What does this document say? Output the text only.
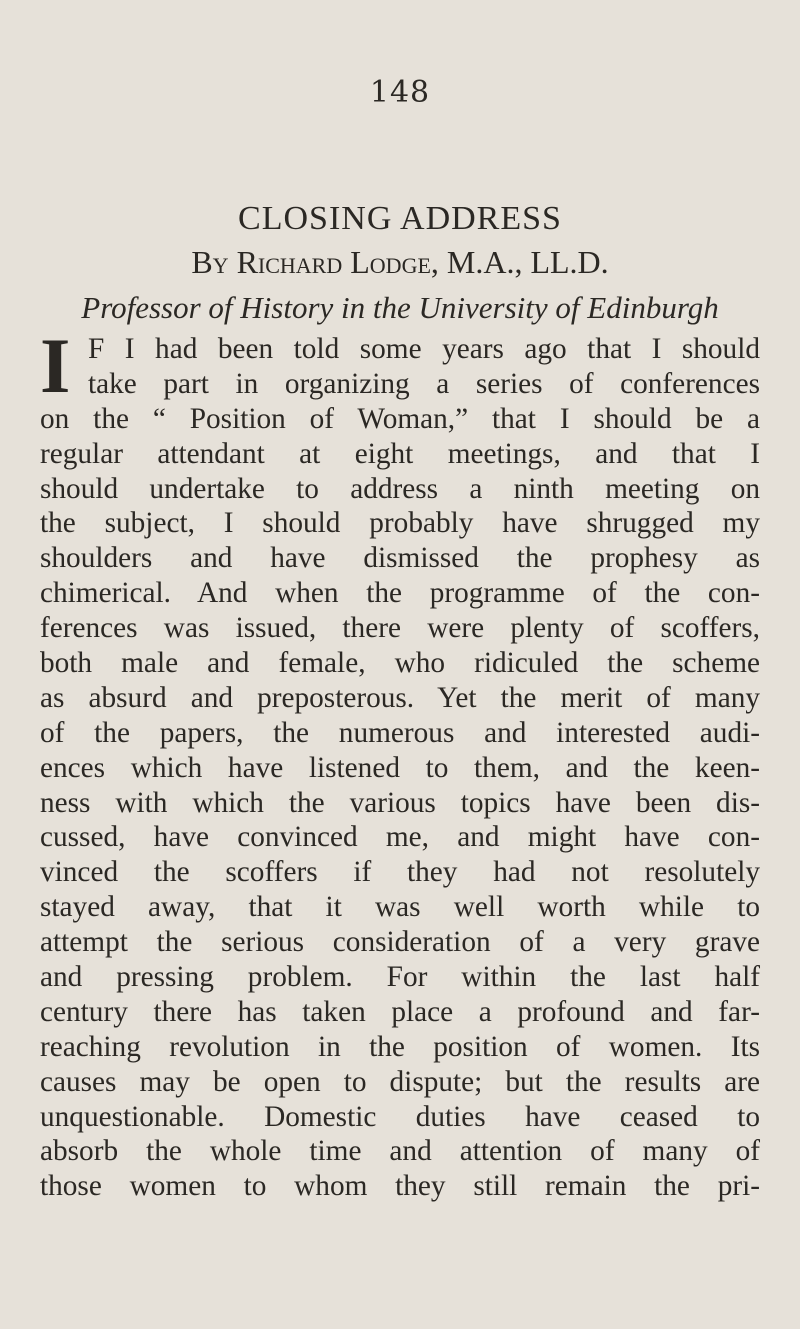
148
CLOSING ADDRESS
By Richard Lodge, M.A., LL.D.
Professor of History in the University of Edinburgh
I F I had been told some years ago that I should
take part in organizing a series of conferences
on the “ Position of Woman,” that I should be a
regular attendant at eight meetings, and that I
should undertake to address a ninth meeting on
the subject, I should probably have shrugged my
shoulders and have dismissed the prophesy as
chimerical. And when the programme of the con-
ferences was issued, there were plenty of scoffers,
both male and female, who ridiculed the scheme
as absurd and preposterous. Yet the merit of many
of the papers, the numerous and interested audi-
ences which have listened to them, and the keen-
ness with which the various topics have been dis-
cussed, have convinced me, and might have con-
vinced the scoffers if they had not resolutely
stayed away, that it was well worth while to
attempt the serious consideration of a very grave
and pressing problem. For within the last half
century there has taken place a profound and far-
reaching revolution in the position of women. Its
causes may be open to dispute; but the results are
unquestionable. Domestic duties have ceased to
absorb the whole time and attention of many of
those women to whom they still remain the pri-
